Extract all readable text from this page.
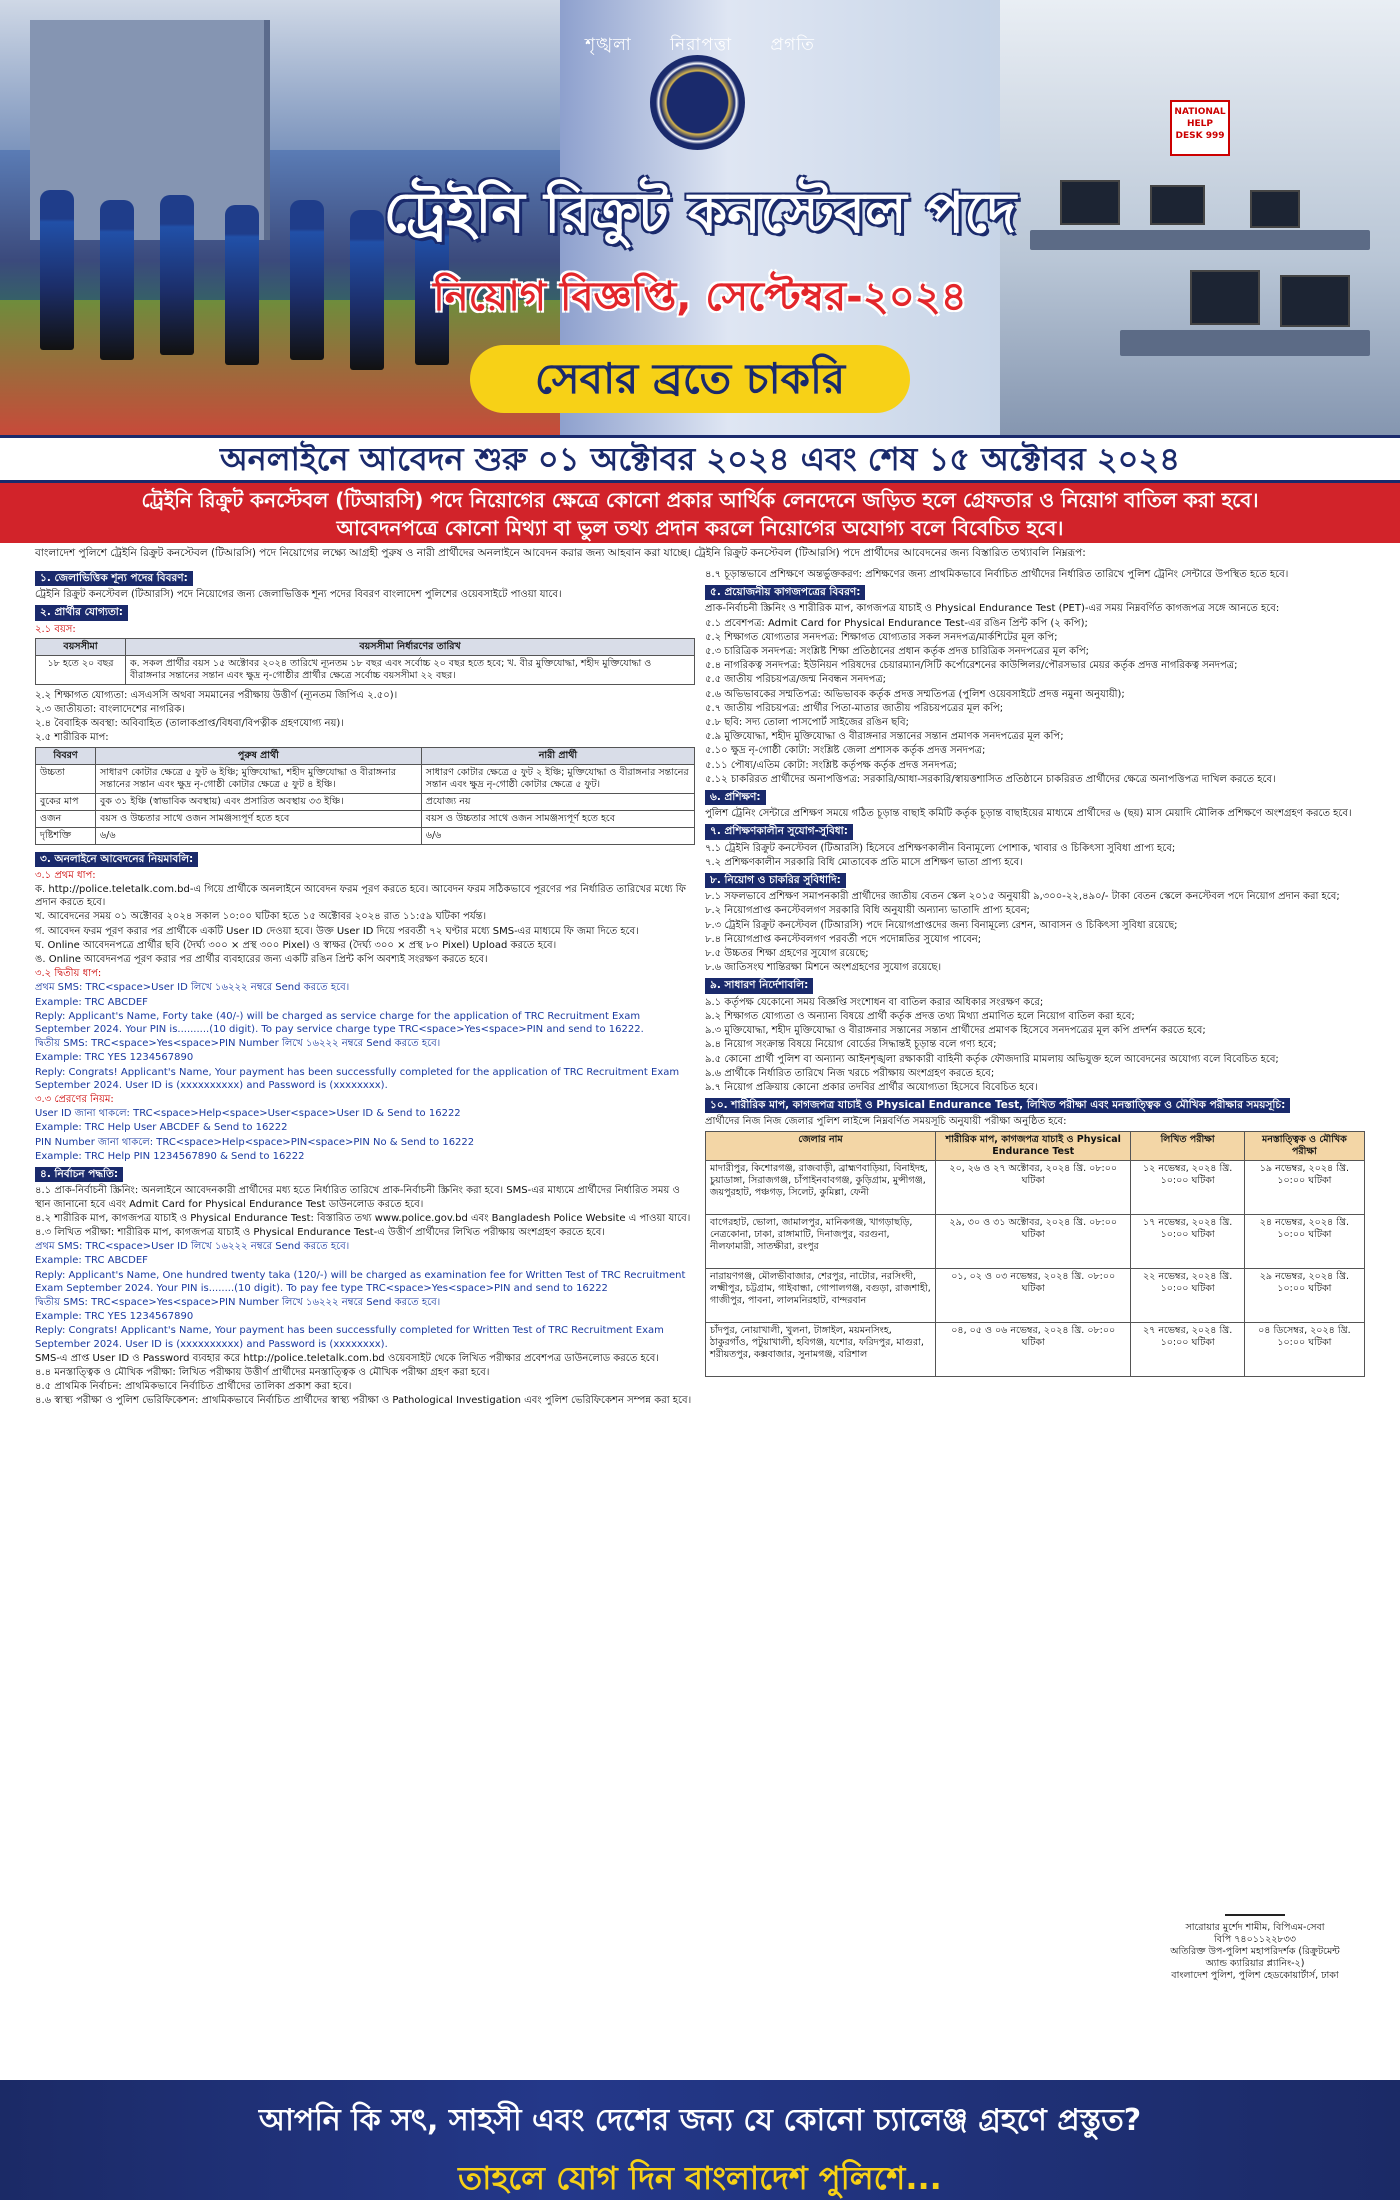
NATIONAL HELP DESK 999
শৃঙ্খলা নিরাপত্তা প্রগতি
ট্রেইনি রিক্রুট কনস্টেবল পদে
নিয়োগ বিজ্ঞপ্তি, সেপ্টেম্বর-২০২৪
সেবার ব্রতে চাকরি
অনলাইনে আবেদন শুরু ০১ অক্টোবর ২০২৪ এবং শেষ ১৫ অক্টোবর ২০২৪
ট্রেইনি রিক্রুট কনস্টেবল (টিআরসি) পদে নিয়োগের ক্ষেত্রে কোনো প্রকার আর্থিক লেনদেনে জড়িত হলে গ্রেফতার ও নিয়োগ বাতিল করা হবে।
আবেদনপত্রে কোনো মিথ্যা বা ভুল তথ্য প্রদান করলে নিয়োগের অযোগ্য বলে বিবেচিত হবে।
বাংলাদেশ পুলিশে ট্রেইনি রিক্রুট কনস্টেবল (টিআরসি) পদে নিয়োগের লক্ষ্যে আগ্রহী পুরুষ ও নারী প্রার্থীদের অনলাইনে আবেদন করার জন্য আহবান করা যাচ্ছে। ট্রেইনি রিক্রুট কনস্টেবল (টিআরসি) পদে প্রার্থীদের আবেদনের জন্য বিস্তারিত তথ্যাবলি নিম্নরূপ:
১. জেলাভিত্তিক শূন্য পদের বিবরণ:
ট্রেইনি রিক্রুট কনস্টেবল (টিআরসি) পদে নিয়োগের জন্য জেলাভিত্তিক শূন্য পদের বিবরণ বাংলাদেশ পুলিশের ওয়েবসাইটে পাওয়া যাবে।
২. প্রার্থীর যোগ্যতা:
২.১ বয়স:
বয়সসীমা	বয়সসীমা নির্ধারণের তারিখ
১৮ হতে ২০ বছর	ক. সকল প্রার্থীর বয়স ১৫ অক্টোবর ২০২৪ তারিখে ন্যূনতম ১৮ বছর এবং সর্বোচ্চ ২০ বছর হতে হবে; খ. বীর মুক্তিযোদ্ধা, শহীদ মুক্তিযোদ্ধা ও বীরাঙ্গনার সন্তানের সন্তান এবং ক্ষুদ্র নৃ-গোষ্ঠীর প্রার্থীর ক্ষেত্রে সর্বোচ্চ বয়সসীমা ২২ বছর।
২.২ শিক্ষাগত যোগ্যতা: এসএসসি অথবা সমমানের পরীক্ষায় উত্তীর্ণ (ন্যূনতম জিপিএ ২.৫০)।
২.৩ জাতীয়তা: বাংলাদেশের নাগরিক।
২.৪ বৈবাহিক অবস্থা: অবিবাহিত (তালাকপ্রাপ্ত/বিধবা/বিপত্নীক গ্রহণযোগ্য নয়)।
২.৫ শারীরিক মাপ:
বিবরণ	পুরুষ প্রার্থী	নারী প্রার্থী
উচ্চতা	সাধারণ কোটার ক্ষেত্রে ৫ ফুট ৬ ইঞ্চি; মুক্তিযোদ্ধা, শহীদ মুক্তিযোদ্ধা ও বীরাঙ্গনার সন্তানের সন্তান এবং ক্ষুদ্র নৃ-গোষ্ঠী কোটার ক্ষেত্রে ৫ ফুট ৪ ইঞ্চি।	সাধারণ কোটার ক্ষেত্রে ৫ ফুট ২ ইঞ্চি; মুক্তিযোদ্ধা ও বীরাঙ্গনার সন্তানের সন্তান এবং ক্ষুদ্র নৃ-গোষ্ঠী কোটার ক্ষেত্রে ৫ ফুট।
বুকের মাপ	বুক ৩১ ইঞ্চি (স্বাভাবিক অবস্থায়) এবং প্রসারিত অবস্থায় ৩৩ ইঞ্চি।	প্রযোজ্য নয়
ওজন	বয়স ও উচ্চতার সাথে ওজন সামঞ্জস্যপূর্ণ হতে হবে	বয়স ও উচ্চতার সাথে ওজন সামঞ্জস্যপূর্ণ হতে হবে
দৃষ্টিশক্তি	৬/৬	৬/৬
৩. অনলাইনে আবেদনের নিয়মাবলি:
৩.১ প্রথম ধাপ:
ক. http://police.teletalk.com.bd-এ গিয়ে প্রার্থীকে অনলাইনে আবেদন ফরম পূরণ করতে হবে। আবেদন ফরম সঠিকভাবে পূরণের পর নির্ধারিত তারিখের মধ্যে ফি প্রদান করতে হবে।
খ. আবেদনের সময় ০১ অক্টোবর ২০২৪ সকাল ১০:০০ ঘটিকা হতে ১৫ অক্টোবর ২০২৪ রাত ১১:৫৯ ঘটিকা পর্যন্ত।
গ. আবেদন ফরম পূরণ করার পর প্রার্থীকে একটি User ID দেওয়া হবে। উক্ত User ID দিয়ে পরবর্তী ৭২ ঘণ্টার মধ্যে SMS-এর মাধ্যমে ফি জমা দিতে হবে।
ঘ. Online আবেদনপত্রে প্রার্থীর ছবি (দৈর্ঘ্য ৩০০ × প্রস্থ ৩০০ Pixel) ও স্বাক্ষর (দৈর্ঘ্য ৩০০ × প্রস্থ ৮০ Pixel) Upload করতে হবে।
ঙ. Online আবেদনপত্র পূরণ করার পর প্রার্থীর ব্যবহারের জন্য একটি রঙিন প্রিন্ট কপি অবশ্যই সংরক্ষণ করতে হবে।
৩.২ দ্বিতীয় ধাপ:
প্রথম SMS: TRC<space>User ID লিখে ১৬২২২ নম্বরে Send করতে হবে।
Example: TRC ABCDEF
Reply: Applicant's Name, Forty take (40/-) will be charged as service charge for the application of TRC Recruitment Exam September 2024. Your PIN is..........(10 digit). To pay service charge type TRC<space>Yes<space>PIN and send to 16222.
দ্বিতীয় SMS: TRC<space>Yes<space>PIN Number লিখে ১৬২২২ নম্বরে Send করতে হবে।
Example: TRC YES 1234567890
Reply: Congrats! Applicant's Name, Your payment has been successfully completed for the application of TRC Recruitment Exam September 2024. User ID is (xxxxxxxxxx) and Password is (xxxxxxxx).
৩.৩ প্রেরণের নিয়ম:
User ID জানা থাকলে: TRC<space>Help<space>User<space>User ID & Send to 16222
Example: TRC Help User ABCDEF & Send to 16222
PIN Number জানা থাকলে: TRC<space>Help<space>PIN<space>PIN No & Send to 16222
Example: TRC Help PIN 1234567890 & Send to 16222
৪. নির্বাচন পদ্ধতি:
৪.১ প্রাক-নির্বাচনী স্ক্রিনিং: অনলাইনে আবেদনকারী প্রার্থীদের মধ্য হতে নির্ধারিত তারিখে প্রাক-নির্বাচনী স্ক্রিনিং করা হবে। SMS-এর মাধ্যমে প্রার্থীদের নির্ধারিত সময় ও স্থান জানানো হবে এবং Admit Card for Physical Endurance Test ডাউনলোড করতে হবে।
৪.২ শারীরিক মাপ, কাগজপত্র যাচাই ও Physical Endurance Test: বিস্তারিত তথ্য www.police.gov.bd এবং Bangladesh Police Website এ পাওয়া যাবে।
৪.৩ লিখিত পরীক্ষা: শারীরিক মাপ, কাগজপত্র যাচাই ও Physical Endurance Test-এ উত্তীর্ণ প্রার্থীদের লিখিত পরীক্ষায় অংশগ্রহণ করতে হবে।
প্রথম SMS: TRC<space>User ID লিখে ১৬২২২ নম্বরে Send করতে হবে।
Example: TRC ABCDEF
Reply: Applicant's Name, One hundred twenty taka (120/-) will be charged as examination fee for Written Test of TRC Recruitment Exam September 2024. Your PIN is........(10 digit). To pay fee type TRC<space>Yes<space>PIN and send to 16222
দ্বিতীয় SMS: TRC<space>Yes<space>PIN Number লিখে ১৬২২২ নম্বরে Send করতে হবে।
Example: TRC YES 1234567890
Reply: Congrats! Applicant's Name, Your payment has been successfully completed for Written Test of TRC Recruitment Exam September 2024. User ID is (xxxxxxxxxx) and Password is (xxxxxxxx).
SMS-এ প্রাপ্ত User ID ও Password ব্যবহার করে http://police.teletalk.com.bd ওয়েবসাইট থেকে লিখিত পরীক্ষার প্রবেশপত্র ডাউনলোড করতে হবে।
৪.৪ মনস্তাত্ত্বিক ও মৌখিক পরীক্ষা: লিখিত পরীক্ষায় উত্তীর্ণ প্রার্থীদের মনস্তাত্ত্বিক ও মৌখিক পরীক্ষা গ্রহণ করা হবে।
৪.৫ প্রাথমিক নির্বাচন: প্রাথমিকভাবে নির্বাচিত প্রার্থীদের তালিকা প্রকাশ করা হবে।
৪.৬ স্বাস্থ্য পরীক্ষা ও পুলিশ ভেরিফিকেশন: প্রাথমিকভাবে নির্বাচিত প্রার্থীদের স্বাস্থ্য পরীক্ষা ও Pathological Investigation এবং পুলিশ ভেরিফিকেশন সম্পন্ন করা হবে।
৪.৭ চূড়ান্তভাবে প্রশিক্ষণে অন্তর্ভুক্তকরণ: প্রশিক্ষণের জন্য প্রাথমিকভাবে নির্বাচিত প্রার্থীদের নির্ধারিত তারিখে পুলিশ ট্রেনিং সেন্টারে উপস্থিত হতে হবে।
৫. প্রয়োজনীয় কাগজপত্রের বিবরণ:
প্রাক-নির্বাচনী স্ক্রিনিং ও শারীরিক মাপ, কাগজপত্র যাচাই ও Physical Endurance Test (PET)-এর সময় নিম্নবর্ণিত কাগজপত্র সঙ্গে আনতে হবে:
৫.১ প্রবেশপত্র: Admit Card for Physical Endurance Test-এর রঙিন প্রিন্ট কপি (২ কপি);
৫.২ শিক্ষাগত যোগ্যতার সনদপত্র: শিক্ষাগত যোগ্যতার সকল সনদপত্র/মার্কশিটের মূল কপি;
৫.৩ চারিত্রিক সনদপত্র: সংশ্লিষ্ট শিক্ষা প্রতিষ্ঠানের প্রধান কর্তৃক প্রদত্ত চারিত্রিক সনদপত্রের মূল কপি;
৫.৪ নাগরিকত্ব সনদপত্র: ইউনিয়ন পরিষদের চেয়ারম্যান/সিটি কর্পোরেশনের কাউন্সিলর/পৌরসভার মেয়র কর্তৃক প্রদত্ত নাগরিকত্ব সনদপত্র;
৫.৫ জাতীয় পরিচয়পত্র/জন্ম নিবন্ধন সনদপত্র;
৫.৬ অভিভাবকের সম্মতিপত্র: অভিভাবক কর্তৃক প্রদত্ত সম্মতিপত্র (পুলিশ ওয়েবসাইটে প্রদত্ত নমুনা অনুযায়ী);
৫.৭ জাতীয় পরিচয়পত্র: প্রার্থীর পিতা-মাতার জাতীয় পরিচয়পত্রের মূল কপি;
৫.৮ ছবি: সদ্য তোলা পাসপোর্ট সাইজের রঙিন ছবি;
৫.৯ মুক্তিযোদ্ধা, শহীদ মুক্তিযোদ্ধা ও বীরাঙ্গনার সন্তানের সন্তান প্রমাণক সনদপত্রের মূল কপি;
৫.১০ ক্ষুদ্র নৃ-গোষ্ঠী কোটা: সংশ্লিষ্ট জেলা প্রশাসক কর্তৃক প্রদত্ত সনদপত্র;
৫.১১ পৌষ্য/এতিম কোটা: সংশ্লিষ্ট কর্তৃপক্ষ কর্তৃক প্রদত্ত সনদপত্র;
৫.১২ চাকরিরত প্রার্থীদের অনাপত্তিপত্র: সরকারি/আধা-সরকারি/স্বায়ত্তশাসিত প্রতিষ্ঠানে চাকরিরত প্রার্থীদের ক্ষেত্রে অনাপত্তিপত্র দাখিল করতে হবে।
৬. প্রশিক্ষণ:
পুলিশ ট্রেনিং সেন্টারে প্রশিক্ষণ সময়ে গঠিত চূড়ান্ত বাছাই কমিটি কর্তৃক চূড়ান্ত বাছাইয়ের মাধ্যমে প্রার্থীদের ৬ (ছয়) মাস মেয়াদি মৌলিক প্রশিক্ষণে অংশগ্রহণ করতে হবে।
৭. প্রশিক্ষণকালীন সুযোগ-সুবিধা:
৭.১ ট্রেইনি রিক্রুট কনস্টেবল (টিআরসি) হিসেবে প্রশিক্ষণকালীন বিনামূল্যে পোশাক, খাবার ও চিকিৎসা সুবিধা প্রাপ্য হবে;
৭.২ প্রশিক্ষণকালীন সরকারি বিধি মোতাবেক প্রতি মাসে প্রশিক্ষণ ভাতা প্রাপ্য হবে।
৮. নিয়োগ ও চাকরির সুবিধাদি:
৮.১ সফলভাবে প্রশিক্ষণ সমাপনকারী প্রার্থীদের জাতীয় বেতন স্কেল ২০১৫ অনুযায়ী ৯,৩০০-২২,৪৯০/- টাকা বেতন স্কেলে কনস্টেবল পদে নিয়োগ প্রদান করা হবে;
৮.২ নিয়োগপ্রাপ্ত কনস্টেবলগণ সরকারি বিধি অনুযায়ী অন্যান্য ভাতাদি প্রাপ্য হবেন;
৮.৩ ট্রেইনি রিক্রুট কনস্টেবল (টিআরসি) পদে নিয়োগপ্রাপ্তদের জন্য বিনামূল্যে রেশন, আবাসন ও চিকিৎসা সুবিধা রয়েছে;
৮.৪ নিয়োগপ্রাপ্ত কনস্টেবলগণ পরবর্তী পদে পদোন্নতির সুযোগ পাবেন;
৮.৫ উচ্চতর শিক্ষা গ্রহণের সুযোগ রয়েছে;
৮.৬ জাতিসংঘ শান্তিরক্ষা মিশনে অংশগ্রহণের সুযোগ রয়েছে।
৯. সাধারণ নির্দেশাবলি:
৯.১ কর্তৃপক্ষ যেকোনো সময় বিজ্ঞপ্তি সংশোধন বা বাতিল করার অধিকার সংরক্ষণ করে;
৯.২ শিক্ষাগত যোগ্যতা ও অন্যান্য বিষয়ে প্রার্থী কর্তৃক প্রদত্ত তথ্য মিথ্যা প্রমাণিত হলে নিয়োগ বাতিল করা হবে;
৯.৩ মুক্তিযোদ্ধা, শহীদ মুক্তিযোদ্ধা ও বীরাঙ্গনার সন্তানের সন্তান প্রার্থীদের প্রমাণক হিসেবে সনদপত্রের মূল কপি প্রদর্শন করতে হবে;
৯.৪ নিয়োগ সংক্রান্ত বিষয়ে নিয়োগ বোর্ডের সিদ্ধান্তই চূড়ান্ত বলে গণ্য হবে;
৯.৫ কোনো প্রার্থী পুলিশ বা অন্যান্য আইনশৃঙ্খলা রক্ষাকারী বাহিনী কর্তৃক ফৌজদারি মামলায় অভিযুক্ত হলে আবেদনের অযোগ্য বলে বিবেচিত হবে;
৯.৬ প্রার্থীকে নির্ধারিত তারিখে নিজ খরচে পরীক্ষায় অংশগ্রহণ করতে হবে;
৯.৭ নিয়োগ প্রক্রিয়ায় কোনো প্রকার তদবির প্রার্থীর অযোগ্যতা হিসেবে বিবেচিত হবে।
১০. শারীরিক মাপ, কাগজপত্র যাচাই ও Physical Endurance Test, লিখিত পরীক্ষা এবং মনস্তাত্ত্বিক ও মৌখিক পরীক্ষার সময়সূচি:
প্রার্থীদের নিজ নিজ জেলার পুলিশ লাইন্সে নিম্নবর্ণিত সময়সূচি অনুযায়ী পরীক্ষা অনুষ্ঠিত হবে:
জেলার নাম	শারীরিক মাপ, কাগজপত্র যাচাই ও Physical Endurance Test	লিখিত পরীক্ষা	মনস্তাত্ত্বিক ও মৌখিক পরীক্ষা
মাদারীপুর, কিশোরগঞ্জ, রাজবাড়ী, ব্রাহ্মণবাড়িয়া, বিনাইদহ, চুয়াডাঙ্গা, সিরাজগঞ্জ, চাঁপাইনবাবগঞ্জ, কুড়িগ্রাম, মুন্সীগঞ্জ, জয়পুরহাট, পঞ্চগড়, সিলেট, কুমিল্লা, ফেনী	২০, ২৬ ও ২৭ অক্টোবর, ২০২৪ খ্রি. ০৮:০০ ঘটিকা	১২ নভেম্বর, ২০২৪ খ্রি. ১০:০০ ঘটিকা	১৯ নভেম্বর, ২০২৪ খ্রি. ১০:০০ ঘটিকা
বাগেরহাট, ভোলা, জামালপুর, মানিকগঞ্জ, খাগড়াছড়ি, নেত্রকোনা, ঢাকা, রাঙ্গামাটি, দিনাজপুর, বরগুনা, নীলফামারী, সাতক্ষীরা, রংপুর	২৯, ৩০ ও ৩১ অক্টোবর, ২০২৪ খ্রি. ০৮:০০ ঘটিকা	১৭ নভেম্বর, ২০২৪ খ্রি. ১০:০০ ঘটিকা	২৪ নভেম্বর, ২০২৪ খ্রি. ১০:০০ ঘটিকা
নারায়ণগঞ্জ, মৌলভীবাজার, শেরপুর, নাটোর, নরসিংদী, লক্ষ্মীপুর, চট্টগ্রাম, গাইবান্ধা, গোপালগঞ্জ, বগুড়া, রাজশাহী, গাজীপুর, পাবনা, লালমনিরহাট, বান্দরবান	০১, ০২ ও ০৩ নভেম্বর, ২০২৪ খ্রি. ০৮:০০ ঘটিকা	২২ নভেম্বর, ২০২৪ খ্রি. ১০:০০ ঘটিকা	২৯ নভেম্বর, ২০২৪ খ্রি. ১০:০০ ঘটিকা
চাঁদপুর, নোয়াখালী, খুলনা, টাঙ্গাইল, ময়মনসিংহ, ঠাকুরগাঁও, পটুয়াখালী, হবিগঞ্জ, যশোর, ফরিদপুর, মাগুরা, শরীয়তপুর, কক্সবাজার, সুনামগঞ্জ, বরিশাল	০৪, ০৫ ও ০৬ নভেম্বর, ২০২৪ খ্রি. ০৮:০০ ঘটিকা	২৭ নভেম্বর, ২০২৪ খ্রি. ১০:০০ ঘটিকা	০৪ ডিসেম্বর, ২০২৪ খ্রি. ১০:০০ ঘটিকা
সারোয়ার মুর্শেদ শামীম, বিপিএম-সেবা
বিপি ৭৪০১১২২৮৩৩
অতিরিক্ত উপ-পুলিশ মহাপরিদর্শক (রিক্রুটমেন্ট অ্যান্ড ক্যারিয়ার প্ল্যানিং-২)
বাংলাদেশ পুলিশ, পুলিশ হেডকোয়ার্টার্স, ঢাকা
আপনি কি সৎ, সাহসী এবং দেশের জন্য যে কোনো চ্যালেঞ্জ গ্রহণে প্রস্তুত?
তাহলে যোগ দিন বাংলাদেশ পুলিশে...
